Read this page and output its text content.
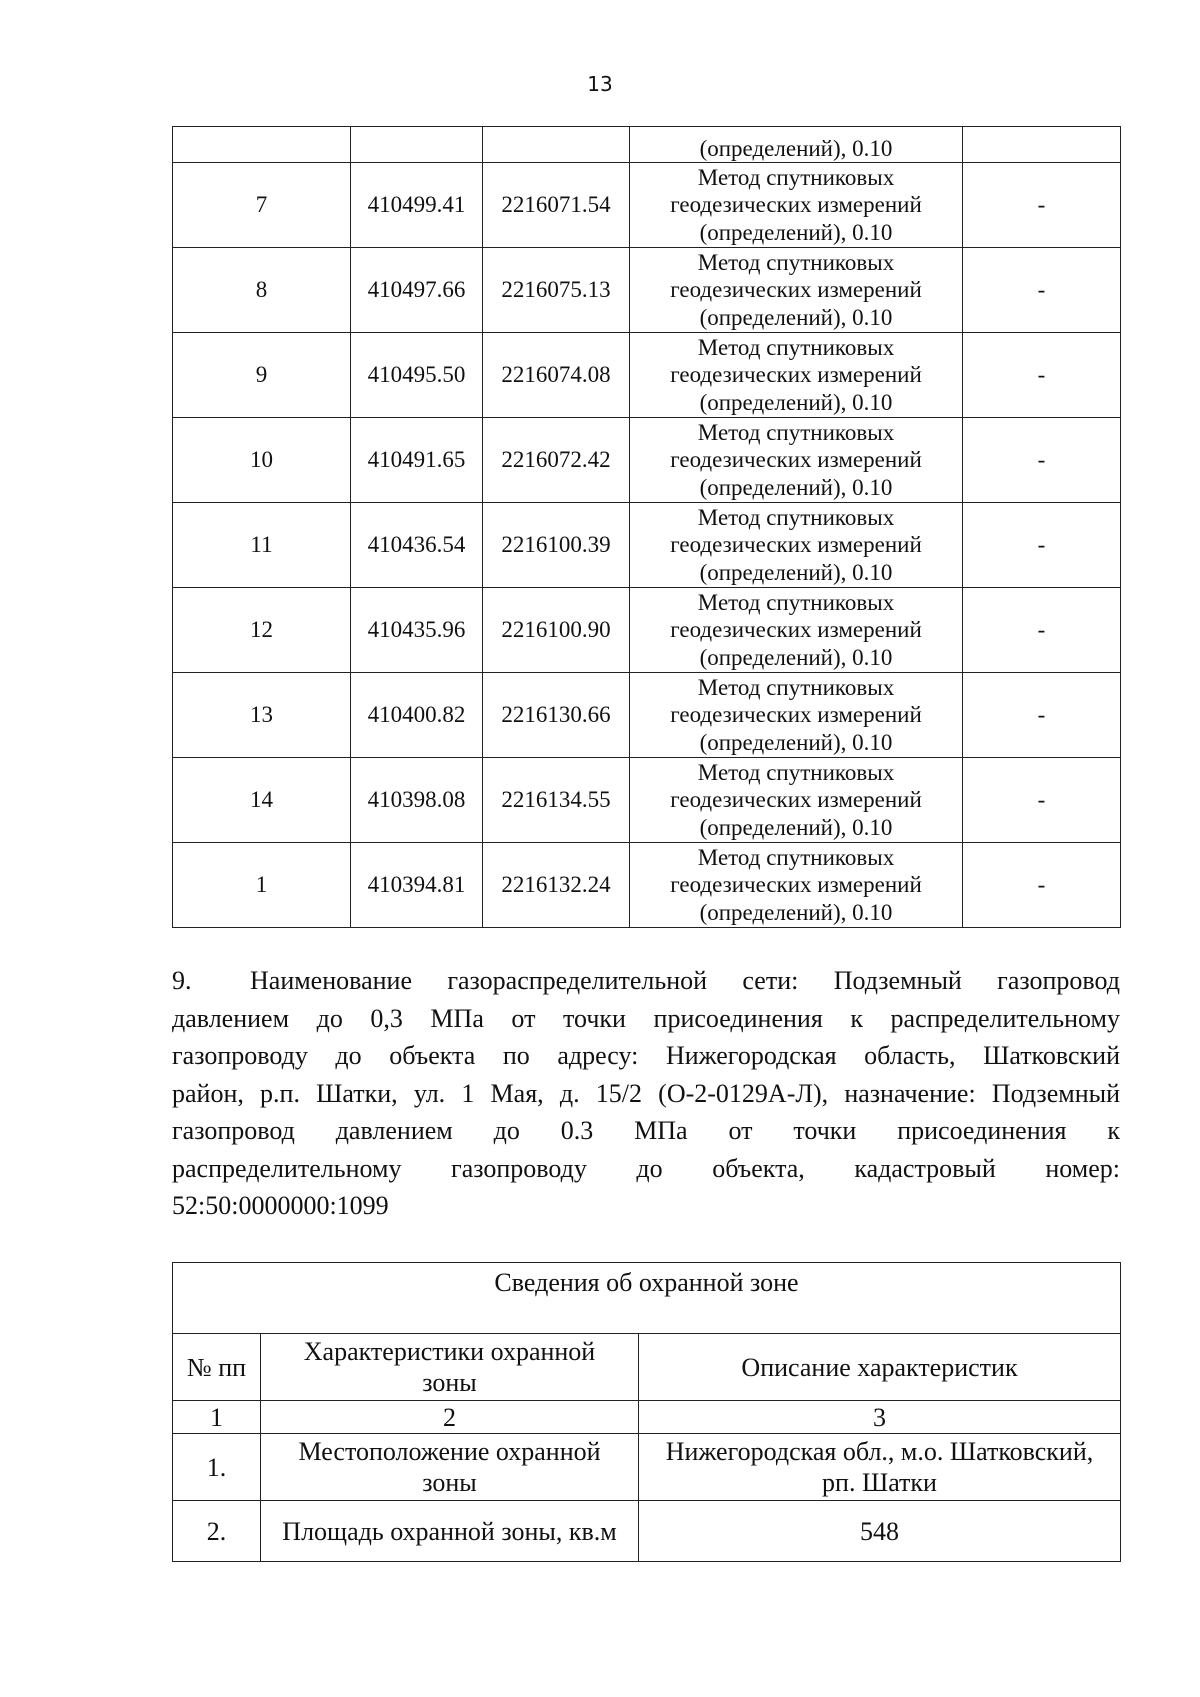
13
			(определений), 0.10	
7	410499.41	2216071.54	Метод спутниковых
геодезических измерений
(определений), 0.10	-
8	410497.66	2216075.13	Метод спутниковых
геодезических измерений
(определений), 0.10	-
9	410495.50	2216074.08	Метод спутниковых
геодезических измерений
(определений), 0.10	-
10	410491.65	2216072.42	Метод спутниковых
геодезических измерений
(определений), 0.10	-
11	410436.54	2216100.39	Метод спутниковых
геодезических измерений
(определений), 0.10	-
12	410435.96	2216100.90	Метод спутниковых
геодезических измерений
(определений), 0.10	-
13	410400.82	2216130.66	Метод спутниковых
геодезических измерений
(определений), 0.10	-
14	410398.08	2216134.55	Метод спутниковых
геодезических измерений
(определений), 0.10	-
1	410394.81	2216132.24	Метод спутниковых
геодезических измерений
(определений), 0.10	-
9.	Наименование газораспределительной сети: Подземный газопровод
давлением до 0,3 МПа от точки присоединения к распределительному
газопроводу до объекта по адресу: Нижегородская область, Шатковский
район, р.п. Шатки, ул. 1 Мая, д. 15/2 (О-2-0129А-Л), назначение: Подземный
газопровод давлением до 0.3 МПа от точки присоединения к
распределительному газопроводу до объекта, кадастровый номер:
52:50:0000000:1099
Сведения об охранной зоне		
№ пп	Характеристики охранной
зоны	Описание характеристик
1	2	3
1.	Местоположение охранной
зоны	Нижегородская обл., м.о. Шатковский,
рп. Шатки
2.	Площадь охранной зоны, кв.м	548
